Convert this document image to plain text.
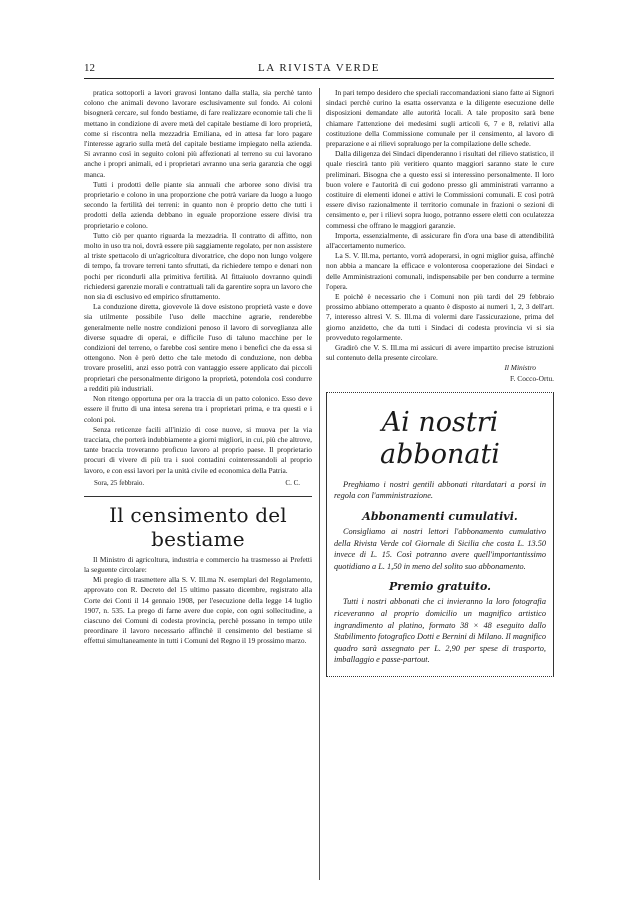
12	LA RIVISTA VERDE

pratica sottoporli a lavori gravosi lontano dalla stalla, sia perchè tanto colono che animali devono lavorare esclusivamente sul fondo. Ai coloni bisognerà cercare, sul fondo bestiame, di fare realizzare economie tali che li mettano in condizione di avere metà del capitale bestiame di loro proprietà, come si riscontra nella mezzadria Emiliana, ed in attesa far loro pagare l'interesse agrario sulla metà del capitale bestiame impiegato nella azienda. Si avranno così in seguito coloni più affezionati al terreno su cui lavorano anche i propri animali, ed i proprietari avranno una seria garanzia che oggi manca.

Tutti i prodotti delle piante sia annuali che arboree sono divisi tra proprietario e colono in una proporzione che potrà variare da luogo a luogo secondo la fertilità dei terreni: in quanto non è proprio detto che tutti i prodotti della azienda debbano in eguale proporzione essere divisi tra proprietario e colono.

Tutto ciò per quanto riguarda la mezzadria. Il contratto di affitto, non molto in uso tra noi, dovrà essere più saggiamente regolato, per non assistere al triste spettacolo di un'agricoltura divoratrice, che dopo non lungo volgere di tempo, fa trovare terreni tanto sfruttati, da richiedere tempo e denari non pochi per ricondurli alla primitiva fertilità. Al fittaiuolo dovranno quindi richiedersi garenzie morali e contrattuali tali da garentire sopra un lavoro che non sia di esclusivo ed empirico sfruttamento.

La conduzione diretta, giovevole là dove esistono proprietà vaste e dove sia utilmente possibile l'uso delle macchine agrarie, renderebbe generalmente nelle nostre condizioni penoso il lavoro di sorveglianza alle diverse squadre di operai, e difficile l'uso di taluno macchine per le condizioni del terreno, o farebbe così sentire meno i benefici che da essa si ottengono. Non è però detto che tale metodo di conduzione, non debba trovare proseliti, anzi esso potrà con vantaggio essere applicato dai piccoli proprietari che personalmente dirigono la proprietà, potendola così condurre a redditi più industriali.

Non ritengo opportuna per ora la traccia di un patto colonico. Esso deve essere il frutto di una intesa serena tra i proprietari prima, e tra questi e i coloni poi.

Senza reticenze facili all'inizio di cose nuove, si muova per la via tracciata, che porterà indubbiamente a giorni migliori, in cui, più che altrove, tante braccia troveranno proficuo lavoro al proprio paese. Il proprietario procuri di vivere di più tra i suoi contadini cointeressandoli al proprio lavoro, e con essi lavori per la unità civile ed economica della Patria.

Sora, 25 febbraio.	C. C.
Il censimento del bestiame

Il Ministro di agricoltura, industria e commercio ha trasmesso ai Prefetti la seguente circolare:

Mi pregio di trasmettere alla S. V. Ill.ma N. esemplari del Regolamento, approvato con R. Decreto del 15 ultimo passato dicembre, registrato alla Corte dei Conti il 14 gennaio 1908, per l'esecuzione della legge 14 luglio 1907, n. 535. La prego di farne avere due copie, con ogni sollecitudine, a ciascuno dei Comuni di codesta provincia, perchè possano in tempo utile preordinare il lavoro necessario affinchè il censimento del bestiame si effettui simultaneamente in tutti i Comuni del Regno il 19 prossimo marzo.

In pari tempo desidero che speciali raccomandazioni siano fatte ai Signori sindaci perchè curino la esatta osservanza e la diligente esecuzione delle disposizioni demandate alle autorità locali. A tale proposito sarà bene chiamare l'attenzione dei medesimi sugli articoli 6, 7 e 8, relativi alla costituzione della Commissione comunale per il censimento, al lavoro di preparazione e ai rilievi sopraluogo per la compilazione delle schede.

Dalla diligenza dei Sindaci dipenderanno i risultati del rilievo statistico, il quale riescirà tanto più veritiero quanto maggiori saranno state le cure preliminari. Bisogna che a questo essi si interessino personalmente. Il loro buon volere e l'autorità di cui godono presso gli amministrati varranno a costituire di elementi idonei e attivi le Commissioni comunali. E così potrà essere diviso razionalmente il territorio comunale in frazioni o sezioni di censimento e, per i rilievi sopra luogo, potranno essere eletti con oculatezza commessi che offrano le maggiori garanzie.

Importa, essenzialmente, di assicurare fin d'ora una base di attendibilità all'accertamento numerico.

La S. V. Ill.ma, pertanto, vorrà adoperarsi, in ogni miglior guisa, affinchè non abbia a mancare la efficace e volonterosa cooperazione dei Sindaci e delle Amministrazioni comunali, indispensabile per ben condurre a termine l'opera.

E poichè è necessario che i Comuni non più tardi del 29 febbraio prossimo abbiano ottemperato a quanto è disposto ai numeri 1, 2, 3 dell'art. 7, interesso altresì V. S. Ill.ma di volermi dare l'assicurazione, prima del giorno anzidetto, che da tutti i Sindaci di codesta provincia vi si sia provveduto regolarmente.

Gradirò che V. S. Ill.ma mi assicuri di avere impartito precise istruzioni sul contenuto della presente circolare.

Il Ministro
F. Cocco-Ortu.
Ai nostri abbonati

Preghiamo i nostri gentili abbonati ritardatari a porsi in regola con l'amministrazione.

Abbonamenti cumulativi.

Consigliamo ai nostri lettori l'abbonamento cumulativo della Rivista Verde col Giornale di Sicilia che costa L. 13.50 invece di L. 15. Così potranno avere quell'importantissimo quotidiano a L. 1,50 in meno del solito suo abbonamento.

Premio gratuito.

Tutti i nostri abbonati che ci invieranno la loro fotografia riceveranno al proprio domicilio un magnifico artistico ingrandimento al platino, formato 38 × 48 eseguito dallo Stabilimento fotografico Dotti e Bernini di Milano. Il magnifico quadro sarà assegnato per L. 2,90 per spese di trasporto, imballaggio e passe-partout.
